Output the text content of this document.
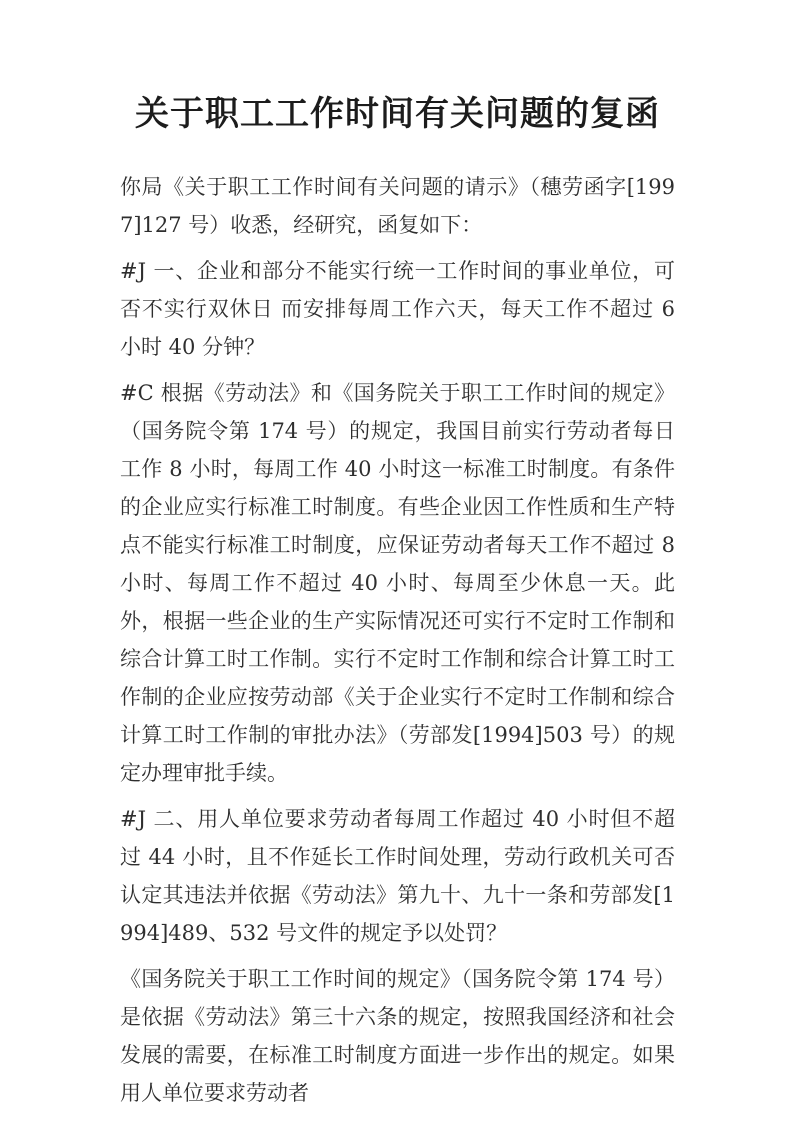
关于职工工作时间有关问题的复函

你局《关于职工工作时间有关问题的请示》（穗劳函字[1997]127 号）收悉，经研究，函复如下：

#J 一、企业和部分不能实行统一工作时间的事业单位，可否不实行双休日 而安排每周工作六天，每天工作不超过 6 小时 40 分钟？

#C 根据《劳动法》和《国务院关于职工工作时间的规定》（国务院令第 174 号）的规定，我国目前实行劳动者每日工作 8 小时，每周工作 40 小时这一标准工时制度。有条件的企业应实行标准工时制度。有些企业因工作性质和生产特点不能实行标准工时制度，应保证劳动者每天工作不超过 8 小时、每周工作不超过 40 小时、每周至少休息一天。此外，根据一些企业的生产实际情况还可实行不定时工作制和综合计算工时工作制。实行不定时工作制和综合计算工时工作制的企业应按劳动部《关于企业实行不定时工作制和综合计算工时工作制的审批办法》（劳部发[1994]503 号）的规定办理审批手续。

#J 二、用人单位要求劳动者每周工作超过 40 小时但不超过 44 小时，且不作延长工作时间处理，劳动行政机关可否认定其违法并依据《劳动法》第九十、九十一条和劳部发[1994]489、532 号文件的规定予以处罚？

《国务院关于职工工作时间的规定》（国务院令第 174 号）是依据《劳动法》第三十六条的规定，按照我国经济和社会发展的需要，在标准工时制度方面进一步作出的规定。如果用人单位要求劳动者
